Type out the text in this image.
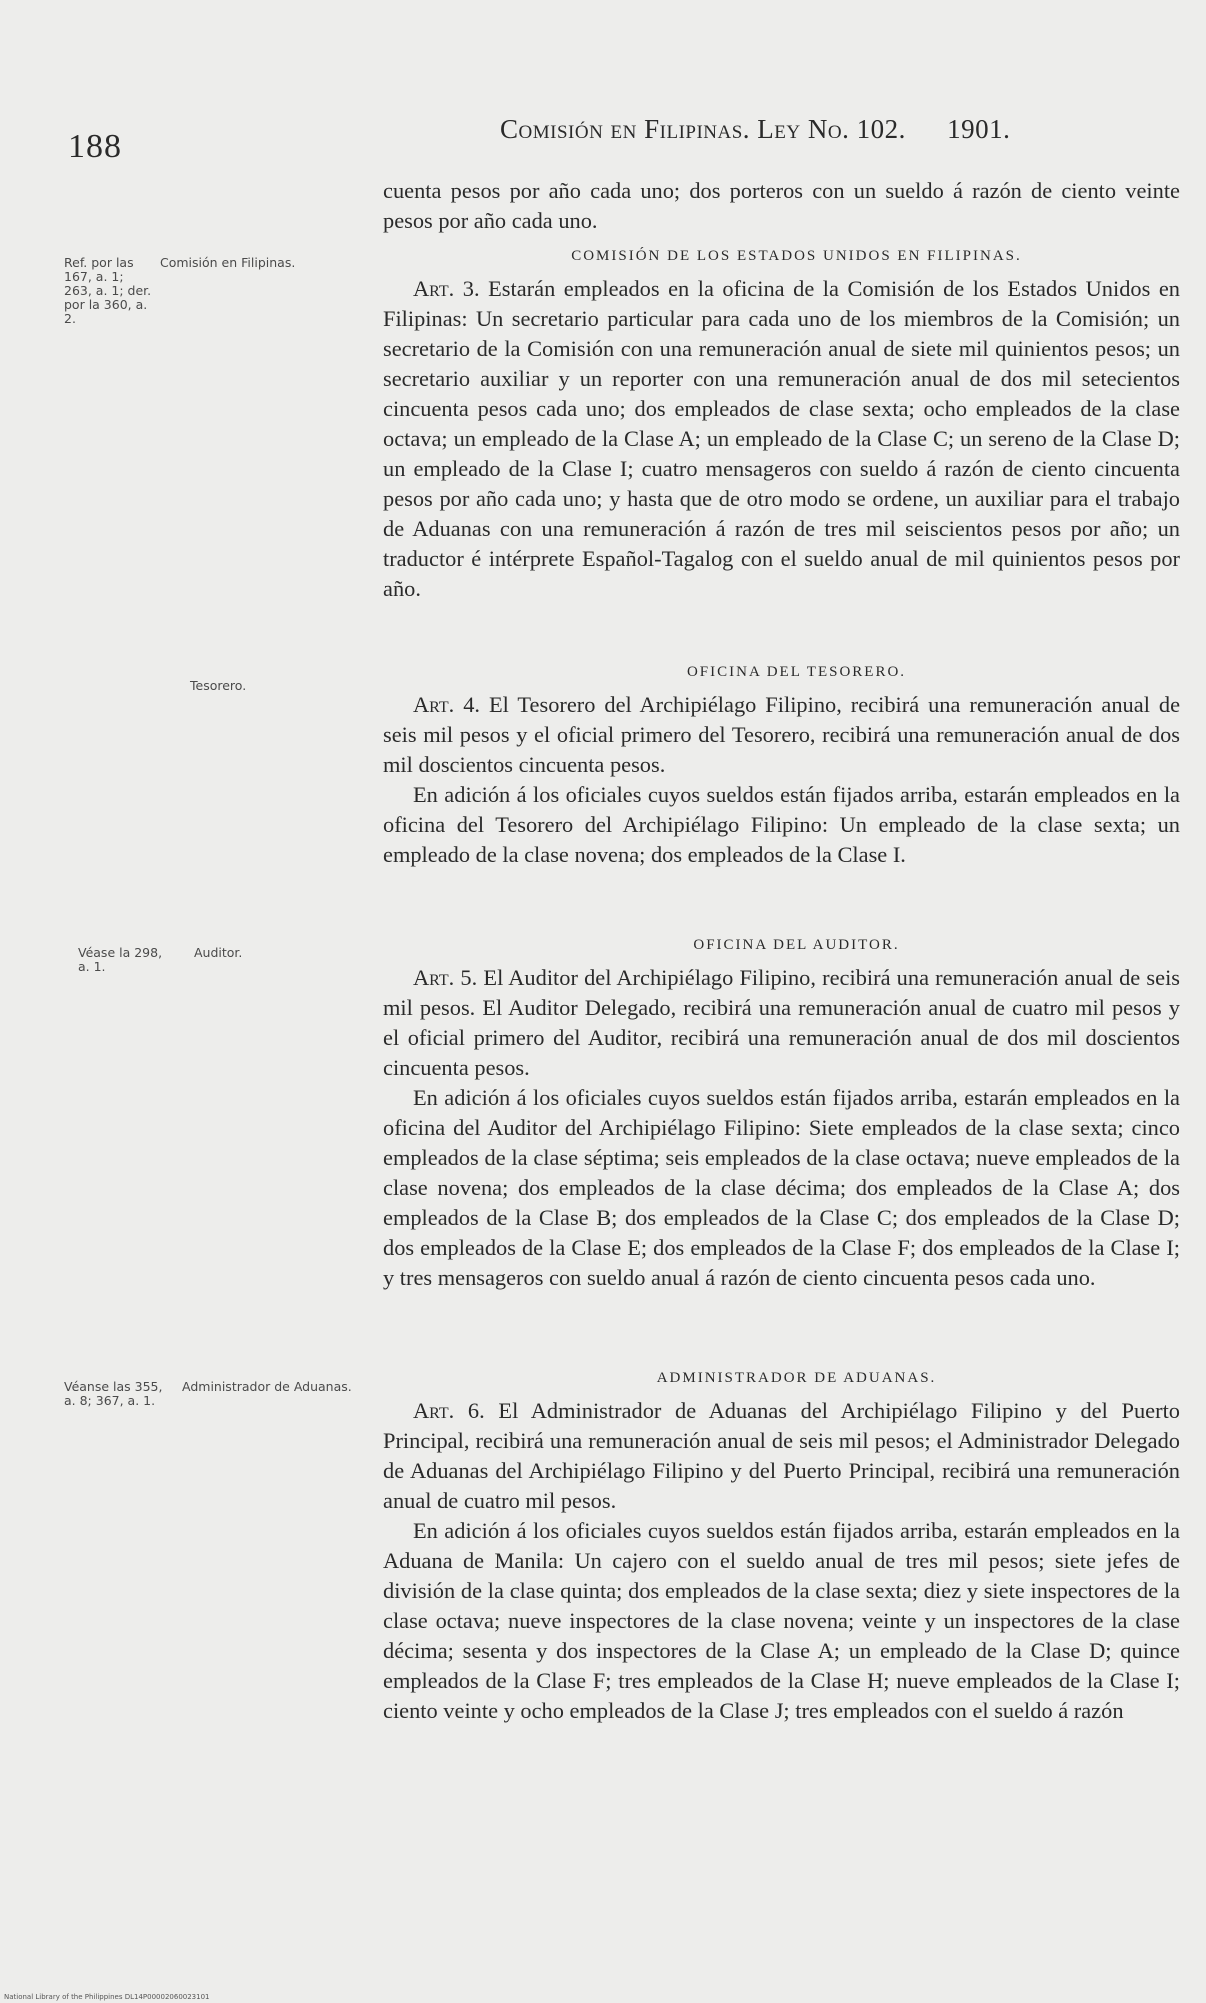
188	Comisión en Filipinas. Ley No. 102. 1901.
Ref. por las 167, a. 1; 263, a. 1; der. por la 360, a. 2.
Comisión en Filipinas.
Tesorero.
Véase la 298, a. 1.
Auditor.
Véanse las 355, a. 8; 367, a. 1.
Administrador de Aduanas.

cuenta pesos por año cada uno; dos porteros con un sueldo á razón de ciento veinte pesos por año cada uno.

COMISIÓN DE LOS ESTADOS UNIDOS EN FILIPINAS.

Art. 3. Estarán empleados en la oficina de la Comisión de los Estados Unidos en Filipinas: Un secretario particular para cada uno de los miembros de la Comisión; un secretario de la Comisión con una remuneración anual de siete mil quinientos pesos; un secretario auxiliar y un reporter con una remuneración anual de dos mil setecientos cincuenta pesos cada uno; dos empleados de clase sexta; ocho empleados de la clase octava; un empleado de la Clase A; un empleado de la Clase C; un sereno de la Clase D; un empleado de la Clase I; cuatro mensageros con sueldo á razón de ciento cincuenta pesos por año cada uno; y hasta que de otro modo se ordene, un auxiliar para el trabajo de Aduanas con una remuneración á razón de tres mil seiscientos pesos por año; un traductor é intérprete Español-Tagalog con el sueldo anual de mil quinientos pesos por año.

OFICINA DEL TESORERO.

Art. 4. El Tesorero del Archipiélago Filipino, recibirá una remuneración anual de seis mil pesos y el oficial primero del Tesorero, recibirá una remuneración anual de dos mil doscientos cincuenta pesos.

En adición á los oficiales cuyos sueldos están fijados arriba, estarán empleados en la oficina del Tesorero del Archipiélago Filipino: Un empleado de la clase sexta; un empleado de la clase novena; dos empleados de la Clase I.

OFICINA DEL AUDITOR.

Art. 5. El Auditor del Archipiélago Filipino, recibirá una remuneración anual de seis mil pesos. El Auditor Delegado, recibirá una remuneración anual de cuatro mil pesos y el oficial primero del Auditor, recibirá una remuneración anual de dos mil doscientos cincuenta pesos.

En adición á los oficiales cuyos sueldos están fijados arriba, estarán empleados en la oficina del Auditor del Archipiélago Filipino: Siete empleados de la clase sexta; cinco empleados de la clase séptima; seis empleados de la clase octava; nueve empleados de la clase novena; dos empleados de la clase décima; dos empleados de la Clase A; dos empleados de la Clase B; dos empleados de la Clase C; dos empleados de la Clase D; dos empleados de la Clase E; dos empleados de la Clase F; dos empleados de la Clase I; y tres mensageros con sueldo anual á razón de ciento cincuenta pesos cada uno.

ADMINISTRADOR DE ADUANAS.

Art. 6. El Administrador de Aduanas del Archipiélago Filipino y del Puerto Principal, recibirá una remuneración anual de seis mil pesos; el Administrador Delegado de Aduanas del Archipiélago Filipino y del Puerto Principal, recibirá una remuneración anual de cuatro mil pesos.

En adición á los oficiales cuyos sueldos están fijados arriba, estarán empleados en la Aduana de Manila: Un cajero con el sueldo anual de tres mil pesos; siete jefes de división de la clase quinta; dos empleados de la clase sexta; diez y siete inspectores de la clase octava; nueve inspectores de la clase novena; veinte y un inspectores de la clase décima; sesenta y dos inspectores de la Clase A; un empleado de la Clase D; quince empleados de la Clase F; tres empleados de la Clase H; nueve empleados de la Clase I; ciento veinte y ocho empleados de la Clase J; tres empleados con el sueldo á razón

National Library of the Philippines DL14P00002060023101
